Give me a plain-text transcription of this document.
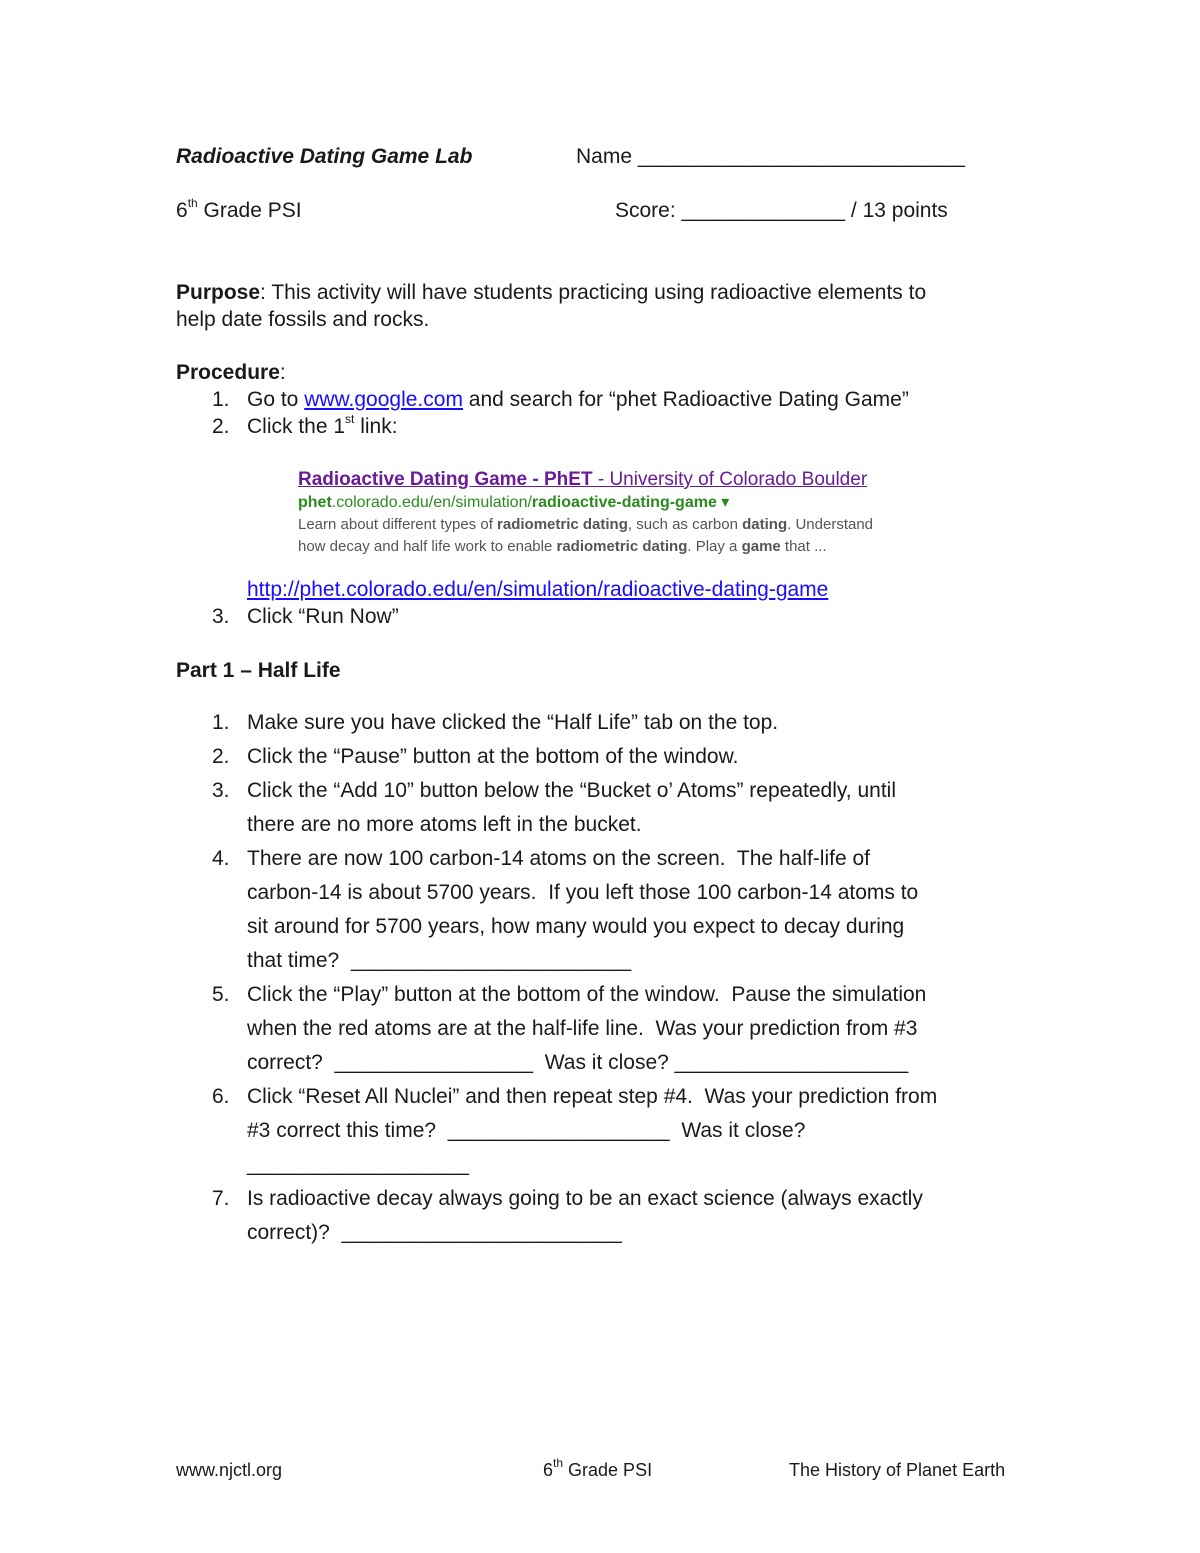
Radioactive Dating Game Lab	Name ____________________________
6th Grade PSI	Score: ______________ / 13 points
Purpose: This activity will have students practicing using radioactive elements to
help date fossils and rocks.
Procedure:
1. Go to www.google.com and search for “phet Radioactive Dating Game”
2. Click the 1st link:
Radioactive Dating Game - PhET - University of Colorado Boulder
phet.colorado.edu/en/simulation/radioactive-dating-game ▾
Learn about different types of radiometric dating, such as carbon dating. Understand
how decay and half life work to enable radiometric dating. Play a game that ...
http://phet.colorado.edu/en/simulation/radioactive-dating-game
3. Click “Run Now”
Part 1 – Half Life
1. Make sure you have clicked the “Half Life” tab on the top.
2. Click the “Pause” button at the bottom of the window.
3. Click the “Add 10” button below the “Bucket o’ Atoms” repeatedly, until
there are no more atoms left in the bucket.
4. There are now 100 carbon-14 atoms on the screen.  The half-life of
carbon-14 is about 5700 years.  If you left those 100 carbon-14 atoms to
sit around for 5700 years, how many would you expect to decay during
that time?  ________________________
5. Click the “Play” button at the bottom of the window.  Pause the simulation
when the red atoms are at the half-life line.  Was your prediction from #3
correct?  _________________  Was it close? ____________________
6. Click “Reset All Nuclei” and then repeat step #4.  Was your prediction from
#3 correct this time?  ___________________  Was it close?
___________________
7. Is radioactive decay always going to be an exact science (always exactly
correct)?  ________________________
www.njctl.org	6th Grade PSI	The History of Planet Earth
